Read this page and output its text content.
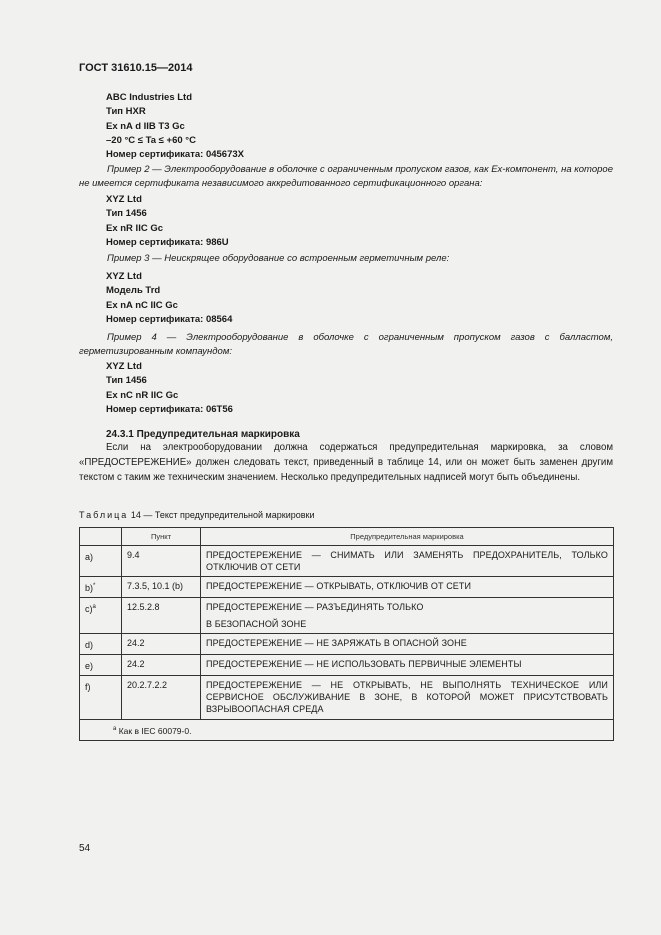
ГОСТ 31610.15—2014
ABC Industries Ltd
Тип HXR
Ex nA d IIB T3 Gc
–20 °C ≤ Ta ≤ +60 °C
Номер сертификата: 045673X
Пример 2 — Электрооборудование в оболочке с ограниченным пропуском газов, как Ex-компонент, на которое не имеется сертификата независимого аккредитованного сертификационного органа:
XYZ Ltd
Тип 1456
Ex nR IIC Gc
Номер сертификата: 986U
Пример 3 — Неискрящее оборудование со встроенным герметичным реле:
XYZ Ltd
Модель Trd
Ex nA nC IIC Gc
Номер сертификата: 08564
Пример 4 — Электрооборудование в оболочке с ограниченным пропуском газов с балластом, герметизированным компаундом:
XYZ Ltd
Тип 1456
Ex nC nR IIC Gc
Номер сертификата: 06T56
24.3.1 Предупредительная маркировка
Если на электрооборудовании должна содержаться предупредительная маркировка, за словом «ПРЕДОСТЕРЕЖЕНИЕ» должен следовать текст, приведенный в таблице 14, или он может быть заменен другим текстом с таким же техническим значением. Несколько предупредительных надписей могут быть объединены.
Таблица 14 — Текст предупредительной маркировки
	Пункт	Предупредительная маркировка
a)	9.4	ПРЕДОСТЕРЕЖЕНИЕ — СНИМАТЬ ИЛИ ЗАМЕНЯТЬ ПРЕДОХРАНИТЕЛЬ, ТОЛЬКО ОТКЛЮЧИВ ОТ СЕТИ
b)*	7.3.5, 10.1 (b)	ПРЕДОСТЕРЕЖЕНИЕ — ОТКРЫВАТЬ, ОТКЛЮЧИВ ОТ СЕТИ
c)$^a$	12.5.2.8	ПРЕДОСТЕРЕЖЕНИЕ — РАЗЪЕДИНЯТЬ ТОЛЬКО
В БЕЗОПАСНОЙ ЗОНЕ

d)	24.2	ПРЕДОСТЕРЕЖЕНИЕ — НЕ ЗАРЯЖАТЬ В ОПАСНОЙ ЗОНЕ
e)	24.2	ПРЕДОСТЕРЕЖЕНИЕ — НЕ ИСПОЛЬЗОВАТЬ ПЕРВИЧНЫЕ ЭЛЕМЕНТЫ
f)	20.2.7.2.2	ПРЕДОСТЕРЕЖЕНИЕ — НЕ ОТКРЫВАТЬ, НЕ ВЫПОЛНЯТЬ ТЕХНИЧЕСКОЕ ИЛИ СЕРВИСНОЕ ОБСЛУЖИВАНИЕ В ЗОНЕ, В КОТОРОЙ МОЖЕТ ПРИСУТСТВОВАТЬ ВЗРЫВООПАСНАЯ СРЕДА
$^a$ Как в IEC 60079-0.		
54
